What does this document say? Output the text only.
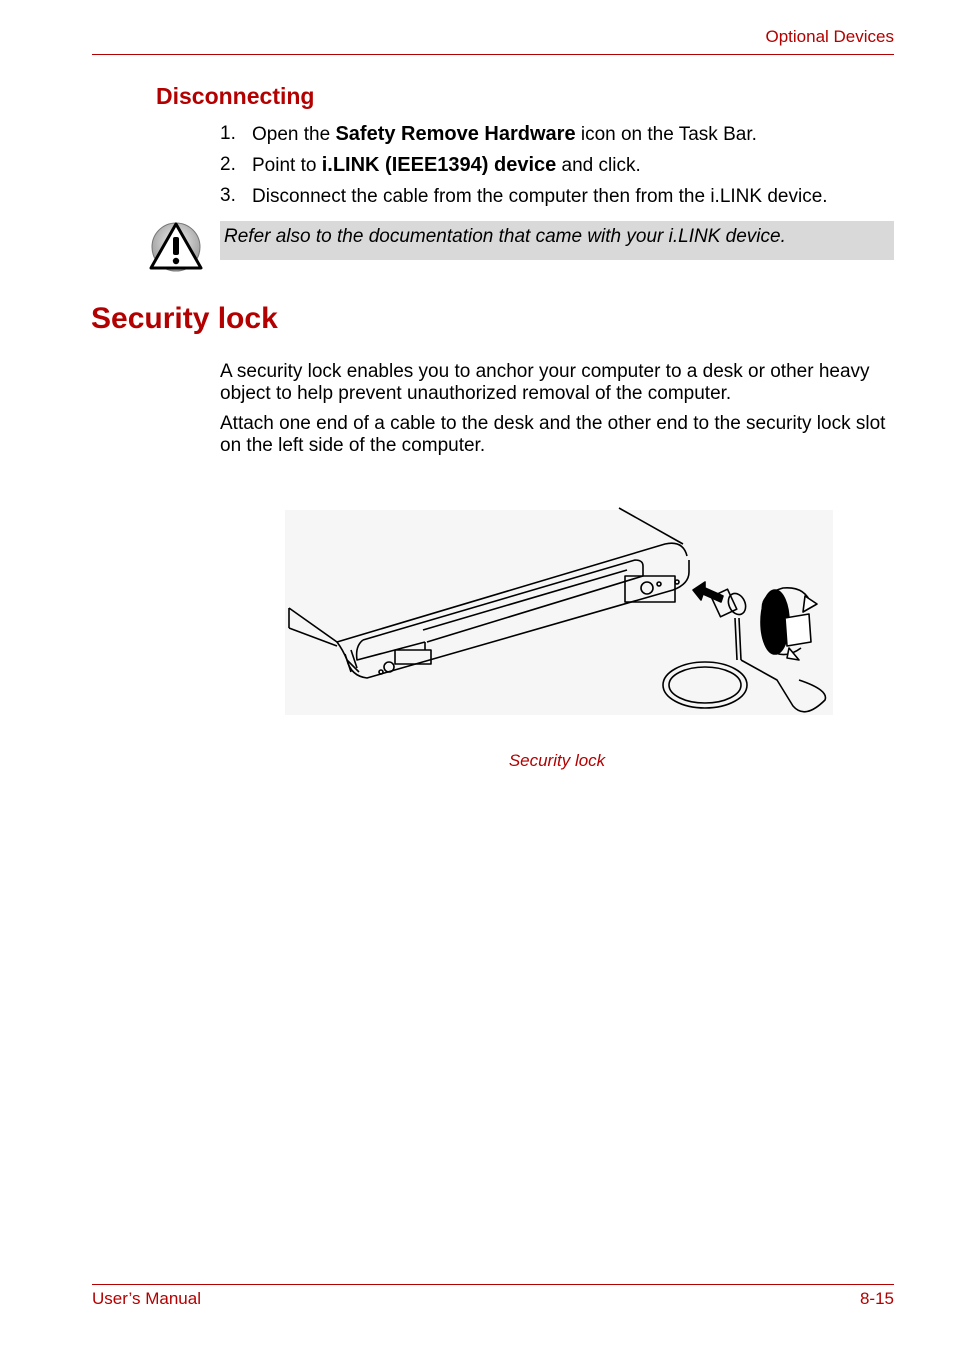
Optional Devices
Disconnecting
1. Open the Safety Remove Hardware icon on the Task Bar.
2. Point to i.LINK (IEEE1394) device and click.
3. Disconnect the cable from the computer then from the i.LINK device.
Refer also to the documentation that came with your i.LINK device.
Security lock

A security lock enables you to anchor your computer to a desk or other heavy object to help prevent unauthorized removal of the computer.

Attach one end of a cable to the desk and the other end to the security lock slot on the left side of the computer.

Security lock
User’s Manual	8-15
